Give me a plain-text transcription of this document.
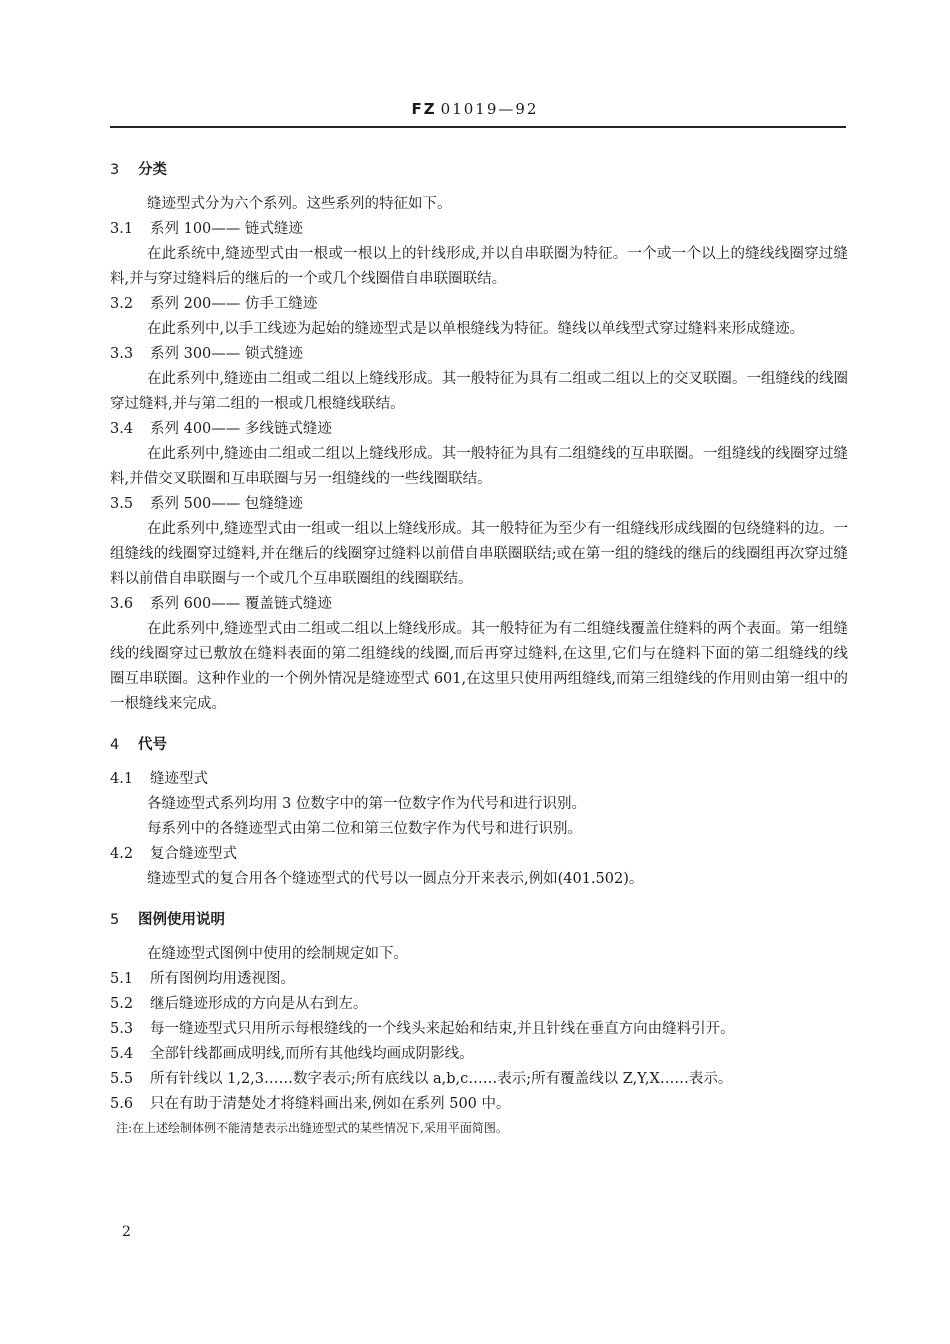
FZ 01019—92
3 分类
缝迹型式分为六个系列。这些系列的特征如下。
3.1 系列 100—— 链式缝迹
在此系统中,缝迹型式由一根或一根以上的针线形成,并以自串联圈为特征。一个或一个以上的缝线线圈穿过缝料,并与穿过缝料后的继后的一个或几个线圈借自串联圈联结。
3.2 系列 200—— 仿手工缝迹
在此系列中,以手工线迹为起始的缝迹型式是以单根缝线为特征。缝线以单线型式穿过缝料来形成缝迹。
3.3 系列 300—— 锁式缝迹
在此系列中,缝迹由二组或二组以上缝线形成。其一般特征为具有二组或二组以上的交叉联圈。一组缝线的线圈穿过缝料,并与第二组的一根或几根缝线联结。
3.4 系列 400—— 多线链式缝迹
在此系列中,缝迹由二组或二组以上缝线形成。其一般特征为具有二组缝线的互串联圈。一组缝线的线圈穿过缝料,并借交叉联圈和互串联圈与另一组缝线的一些线圈联结。
3.5 系列 500—— 包缝缝迹
在此系列中,缝迹型式由一组或一组以上缝线形成。其一般特征为至少有一组缝线形成线圈的包绕缝料的边。一组缝线的线圈穿过缝料,并在继后的线圈穿过缝料以前借自串联圈联结;或在第一组的缝线的继后的线圈组再次穿过缝料以前借自串联圈与一个或几个互串联圈组的线圈联结。
3.6 系列 600—— 覆盖链式缝迹
在此系列中,缝迹型式由二组或二组以上缝线形成。其一般特征为有二组缝线覆盖住缝料的两个表面。第一组缝线的线圈穿过已敷放在缝料表面的第二组缝线的线圈,而后再穿过缝料,在这里,它们与在缝料下面的第二组缝线的线圈互串联圈。这种作业的一个例外情况是缝迹型式 601,在这里只使用两组缝线,而第三组缝线的作用则由第一组中的一根缝线来完成。
4 代号
4.1 缝迹型式
各缝迹型式系列均用 3 位数字中的第一位数字作为代号和进行识别。
每系列中的各缝迹型式由第二位和第三位数字作为代号和进行识别。
4.2 复合缝迹型式
缝迹型式的复合用各个缝迹型式的代号以一圆点分开来表示,例如(401.502)。
5 图例使用说明
在缝迹型式图例中使用的绘制规定如下。
5.1 所有图例均用透视图。
5.2 继后缝迹形成的方向是从右到左。
5.3 每一缝迹型式只用所示每根缝线的一个线头来起始和结束,并且针线在垂直方向由缝料引开。
5.4 全部针线都画成明线,而所有其他线均画成阴影线。
5.5 所有针线以 1,2,3……数字表示;所有底线以 a,b,c……表示;所有覆盖线以 Z,Y,X……表示。
5.6 只在有助于清楚处才将缝料画出来,例如在系列 500 中。
注:在上述绘制体例不能清楚表示出缝迹型式的某些情况下,采用平面简图。
2
